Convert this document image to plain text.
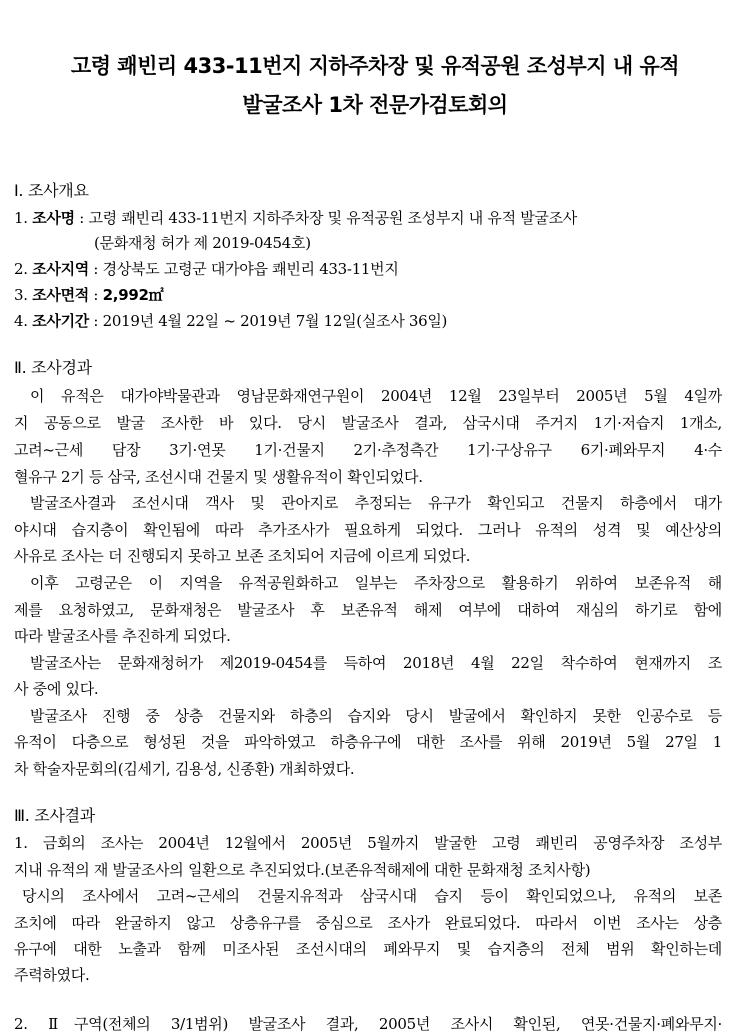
고령 쾌빈리 433-11번지 지하주차장 및 유적공원 조성부지 내 유적
발굴조사 1차 전문가검토회의
Ⅰ. 조사개요
1. 조사명 : 고령 쾌빈리 433-11번지 지하주차장 및 유적공원 조성부지 내 유적 발굴조사
(문화재청 허가 제 2019-0454호)
2. 조사지역 : 경상북도 고령군 대가야읍 쾌빈리 433-11번지
3. 조사면적 : 2,992㎡
4. 조사기간 : 2019년 4월 22일 ~ 2019년 7월 12일(실조사 36일)
Ⅱ. 조사경과
이 유적은 대가야박물관과 영남문화재연구원이 2004년 12월 23일부터 2005년 5월 4일까
지 공동으로 발굴 조사한 바 있다. 당시 발굴조사 결과, 삼국시대 주거지 1기·저습지 1개소,
고려~근세 담장 3기·연못 1기·건물지 2기·추정측간 1기·구상유구 6기·폐와무지 4·수
혈유구 2기 등 삼국, 조선시대 건물지 및 생활유적이 확인되었다.
발굴조사결과 조선시대 객사 및 관아지로 추정되는 유구가 확인되고 건물지 하층에서 대가
야시대 습지층이 확인됨에 따라 추가조사가 필요하게 되었다. 그러나 유적의 성격 및 예산상의
사유로 조사는 더 진행되지 못하고 보존 조치되어 지금에 이르게 되었다.
이후 고령군은 이 지역을 유적공원화하고 일부는 주차장으로 활용하기 위하여 보존유적 해
제를 요청하였고, 문화재청은 발굴조사 후 보존유적 해제 여부에 대하여 재심의 하기로 함에
따라 발굴조사를 추진하게 되었다.
발굴조사는 문화재청허가 제2019-0454를 득하여 2018년 4월 22일 착수하여 현재까지 조
사 중에 있다.
발굴조사 진행 중 상층 건물지와 하층의 습지와 당시 발굴에서 확인하지 못한 인공수로 등
유적이 다층으로 형성된 것을 파악하였고 하층유구에 대한 조사를 위해 2019년 5월 27일 1
차 학술자문회의(김세기, 김용성, 신종환) 개최하였다.
Ⅲ. 조사결과
1. 금회의 조사는 2004년 12월에서 2005년 5월까지 발굴한 고령 쾌빈리 공영주차장 조성부
지내 유적의 재 발굴조사의 일환으로 추진되었다.(보존유적해제에 대한 문화재청 조치사항)
당시의 조사에서 고려~근세의 건물지유적과 삼국시대 습지 등이 확인되었으나, 유적의 보존
조치에 따라 완굴하지 않고 상층유구를 중심으로 조사가 완료되었다. 따라서 이번 조사는 상층
유구에 대한 노출과 함께 미조사된 조선시대의 폐와무지 및 습지층의 전체 범위 확인하는데
주력하였다.
2. Ⅱ구역(전체의 3/1범위) 발굴조사 결과, 2005년 조사시 확인된, 연못·건물지·폐와무지·
